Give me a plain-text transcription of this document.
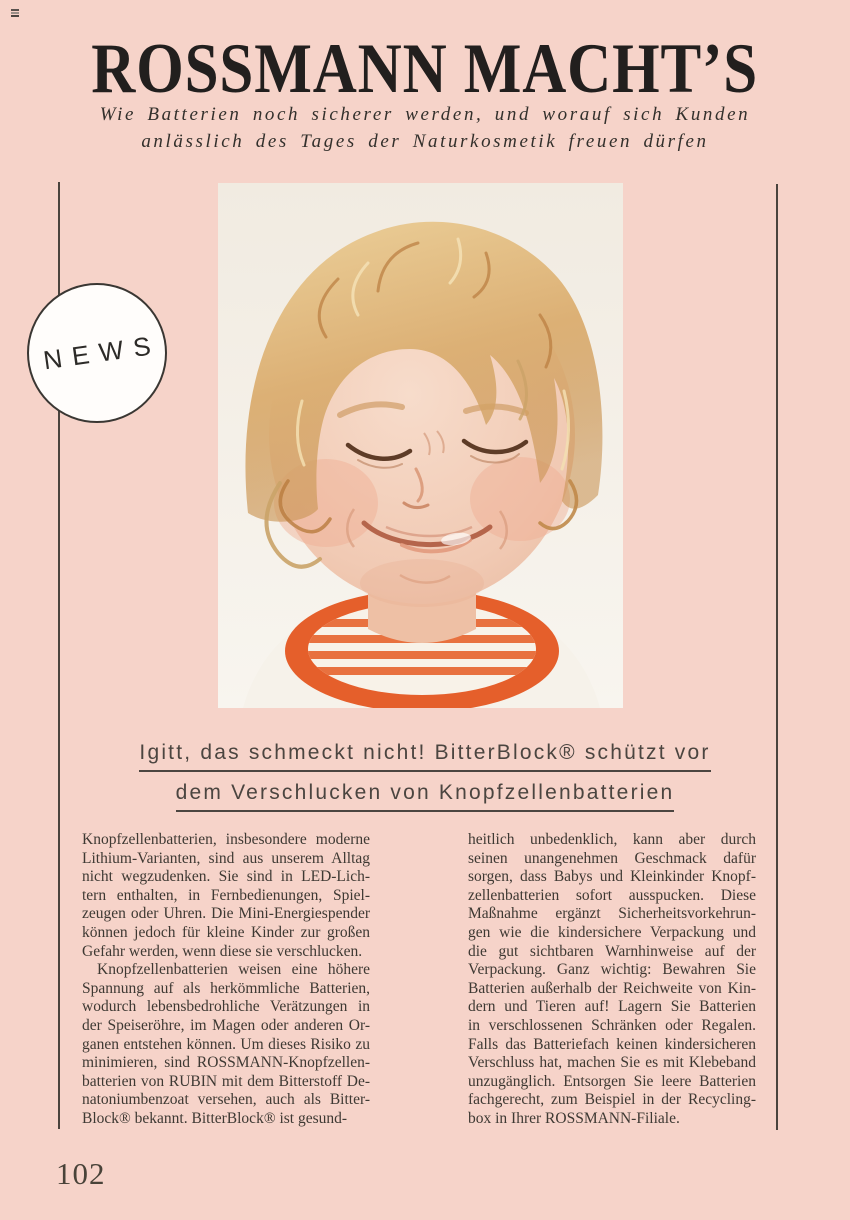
ROSSMANN MACHT’S
Wie Batterien noch sicherer werden, und worauf sich Kunden
anlässlich des Tages der Naturkosmetik freuen dürfen
NEWS
Igitt, das schmeckt nicht! BitterBlock® schützt vor
dem Verschlucken von Knopfzellenbatterien
Knopfzellenbatterien, insbesondere moderne
Lithium-Varianten, sind aus unserem Alltag
nicht wegzudenken. Sie sind in LED-Lich-
tern enthalten, in Fernbedienungen, Spiel-
zeugen oder Uhren. Die Mini-Energiespender
können jedoch für kleine Kinder zur großen
Gefahr werden, wenn diese sie verschlucken.
Knopfzellenbatterien weisen eine höhere
Spannung auf als herkömmliche Batterien,
wodurch lebensbedrohliche Verätzungen in
der Speiseröhre, im Magen oder anderen Or-
ganen entstehen können. Um dieses Risiko zu
minimieren, sind ROSSMANN-Knopfzellen-
batterien von RUBIN mit dem Bitterstoff De-
natoniumbenzoat versehen, auch als Bitter-
Block® bekannt. BitterBlock® ist gesund-
heitlich unbedenklich, kann aber durch
seinen unangenehmen Geschmack dafür
sorgen, dass Babys und Kleinkinder Knopf-
zellenbatterien sofort ausspucken. Diese
Maßnahme ergänzt Sicherheitsvorkehrun-
gen wie die kindersichere Verpackung und
die gut sichtbaren Warnhinweise auf der
Verpackung. Ganz wichtig: Bewahren Sie
Batterien außerhalb der Reichweite von Kin-
dern und Tieren auf! Lagern Sie Batterien
in verschlossenen Schränken oder Regalen.
Falls das Batteriefach keinen kindersicheren
Verschluss hat, machen Sie es mit Klebeband
unzugänglich. Entsorgen Sie leere Batterien
fachgerecht, zum Beispiel in der Recycling-
box in Ihrer ROSSMANN-Filiale.
102
